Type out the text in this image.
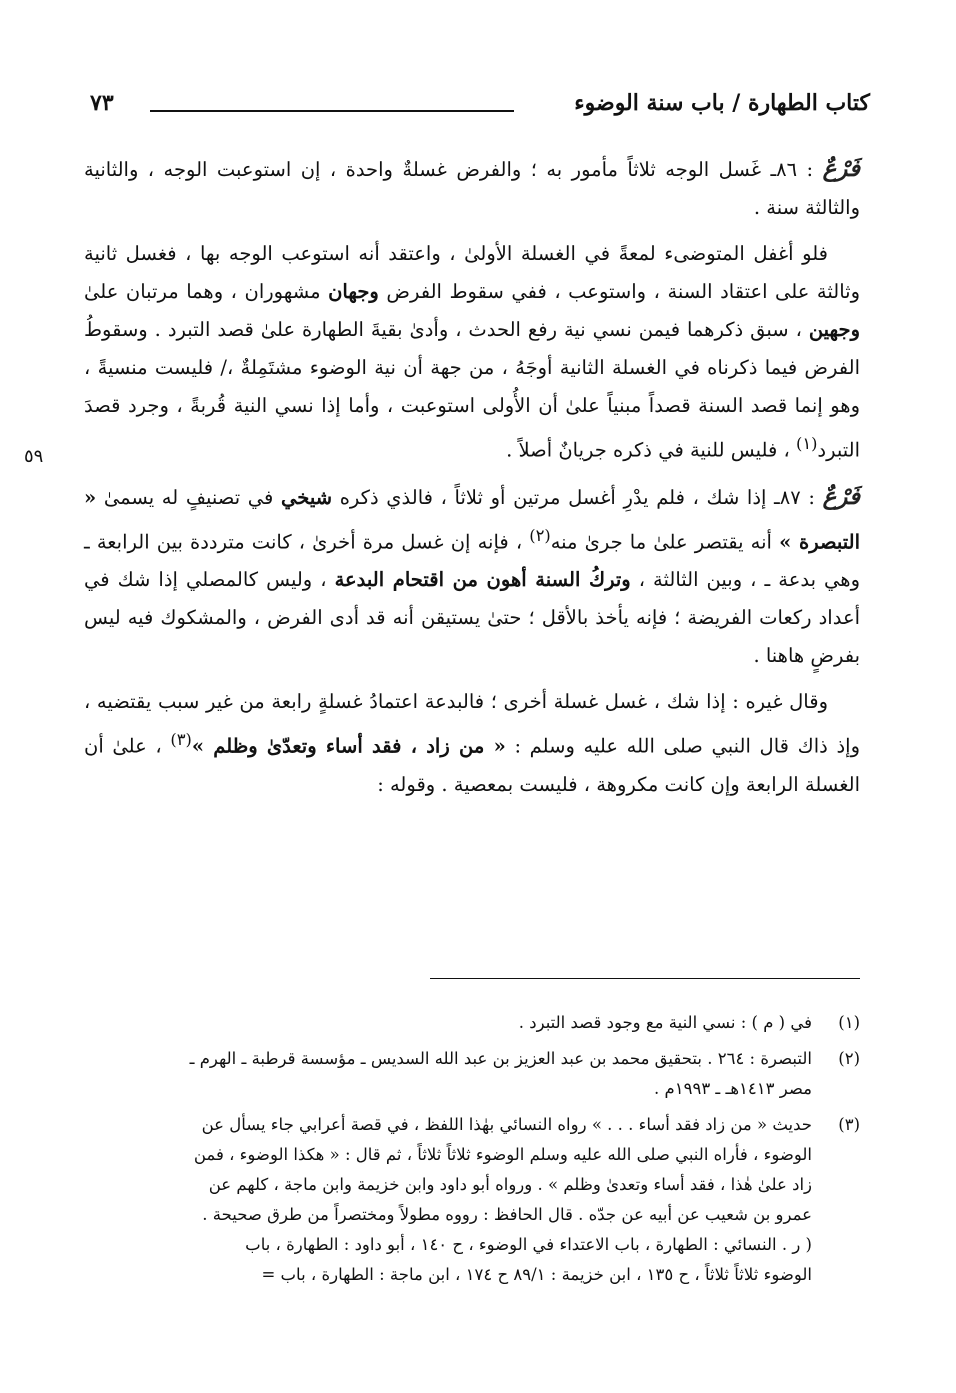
كتاب الطهارة / باب سنة الوضوء
٧٣
٥٩

فَرْعٌ : ٨٦ـ غَسل الوجه ثلاثاً مأمور به ؛ والفرض غسلةٌ واحدة ، إن استوعبت الوجه ، والثانية والثالثة سنة .

فلو أغفل المتوضىء لمعةً في الغسلة الأولىٰ ، واعتقد أنه استوعب الوجه بها ، فغسل ثانية وثالثة على اعتقاد السنة ، واستوعب ، ففي سقوط الفرض وجهان مشهوران ، وهما مرتبان علىٰ وجهين ، سبق ذكرهما فيمن نسي نية رفع الحدث ، وأدىٰ بقيةَ الطهارة علىٰ قصد التبرد . وسقوطُ الفرض فيما ذكرناه في الغسلة الثانية أوجَهُ ، من جهة أن نية الوضوء مشتَمِلةٌ ،/ فليست منسيةً ، وهو إنما قصد السنة قصداً مبنياً علىٰ أن الأُولى استوعبت ، وأما إذا نسي النية قُربةً ، وجرد قصدَ التبرد$^{(١)}$ ، فليس للنية في ذكره جريانٌ أصلاً .

فَرْعٌ : ٨٧ـ إذا شك ، فلم يدْرِ أغسل مرتين أو ثلاثاً ، فالذي ذكره شيخي في تصنيفٍ له يسمىٰ « التبصرة » أنه يقتصر علىٰ ما جرىٰ منه$^{(٢)}$ ، فإنه إن غسل مرة أخرىٰ ، كانت مترددة بين الرابعة ـ وهي بدعة ـ ، وبين الثالثة ، وتركُ السنة أهون من اقتحام البدعة ، وليس كالمصلي إذا شك في أعداد ركعات الفريضة ؛ فإنه يأخذ بالأقل ؛ حتىٰ يستيقن أنه قد أدى الفرض ، والمشكوك فيه ليس بفرضٍ هاهنا .

وقال غيره : إذا شك ، غسل غسلة أخرى ؛ فالبدعة اعتمادُ غسلةٍ رابعة من غير سبب يقتضيه ، وإذ ذاك قال النبي صلى الله عليه وسلم : « من زاد ، فقد أساء وتعدّىٰ وظلم »$^{(٣)}$ ، علىٰ أن الغسلة الرابعة وإن كانت مكروهة ، فليست بمعصية . وقوله :

(١)
في ( م ) : نسي النية مع وجود قصد التبرد .
(٢)
التبصرة : ٢٦٤ . بتحقيق محمد بن عبد العزيز بن عبد الله السديس ـ مؤسسة قرطبة ـ الهرم ـ
مصر ١٤١٣هـ ـ ١٩٩٣م .
(٣)
حديث « من زاد فقد أساء . . . » رواه النسائي بهٰذا اللفظ ، في قصة أعرابي جاء يسأل عن
الوضوء ، فأراه النبي صلى الله عليه وسلم الوضوء ثلاثاً ثلاثاً ، ثم قال : « هكذا الوضوء ، فمن
زاد علىٰ هٰذا ، فقد أساء وتعدىٰ وظلم » . ورواه أبو داود وابن خزيمة وابن ماجة ، كلهم عن
عمرو بن شعيب عن أبيه عن جدّه . قال الحافظ : رووه مطولاً ومختصراً من طرق صحيحة .
( ر . النسائي : الطهارة ، باب الاعتداء في الوضوء ، ح ١٤٠ ، أبو داود : الطهارة ، باب
الوضوء ثلاثاً ثلاثاً ، ح ١٣٥ ، ابن خزيمة : ٨٩/١ ح ١٧٤ ، ابن ماجة : الطهارة ، باب =
